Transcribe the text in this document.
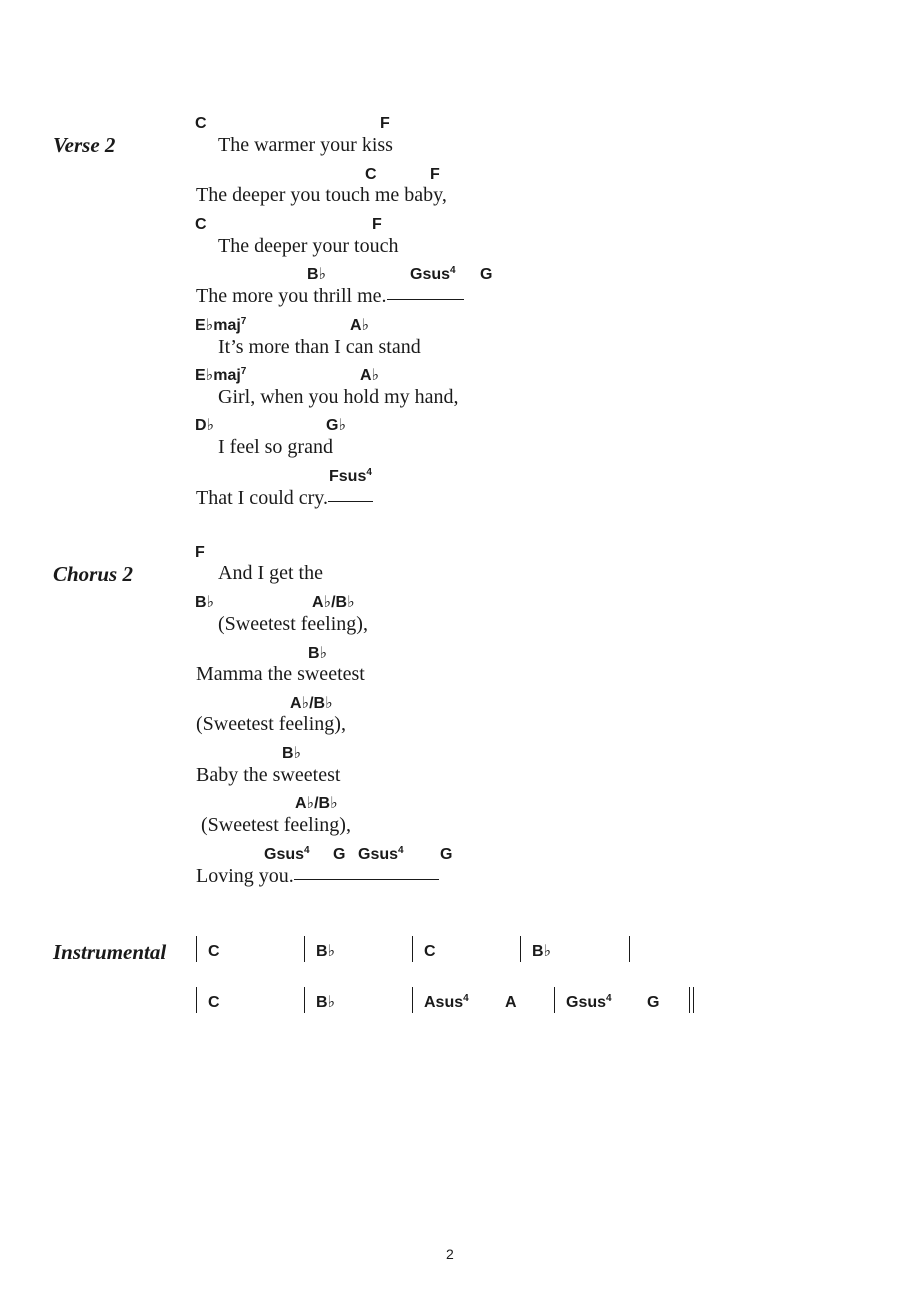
Verse 2
C	F
The warmer your kiss
C	F
The deeper you touch me baby,
C	F
The deeper your touch
B♭	Gsus$^4$ G
The more you thrill me.
E♭maj$^7$	A♭
It’s more than I can stand
E♭maj$^7$	A♭
Girl, when you hold my hand,
D♭	G♭
I feel so grand
Fsus$^4$
That I could cry.
Chorus 2
F
And I get the
B♭	A♭/B♭
(Sweetest feeling),
B♭
Mamma the sweetest
A♭/B♭
(Sweetest feeling),
B♭
Baby the sweetest
A♭/B♭
(Sweetest feeling),
Gsus$^4$ G Gsus$^4$ G
Loving you.
Instrumental	C	B♭	C	B♭
C	B♭	Asus$^4$ A	Gsus$^4$ G
2
